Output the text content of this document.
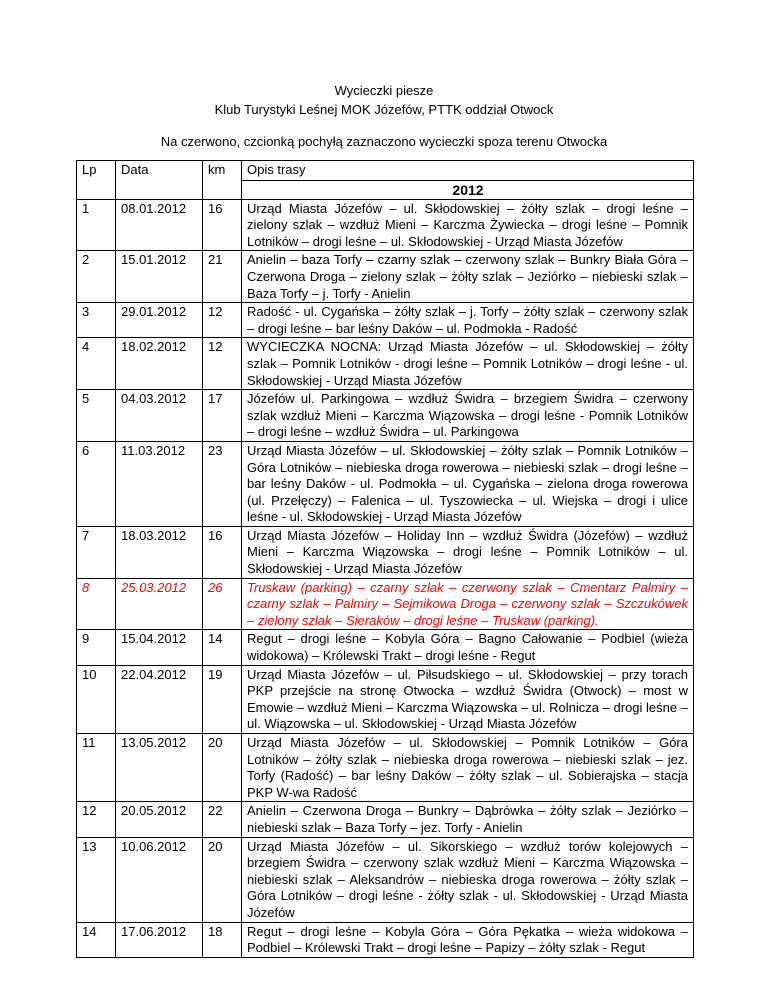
Wycieczki piesze
Klub Turystyki Leśnej MOK Józefów, PTTK oddział Otwock
Na czerwono, czcionką pochyłą zaznaczono wycieczki spoza terenu Otwocka
Lp	Data	km	Opis trasy
			2012
1	08.01.2012	16	Urząd Miasta Józefów – ul. Skłodowskiej – żółty szlak – drogi leśne – zielony szlak – wzdłuż Mieni – Karczma Żywiecka – drogi leśne – Pomnik Lotników – drogi leśne – ul. Skłodowskiej - Urząd Miasta Józefów
2	15.01.2012	21	Anielin – baza Torfy – czarny szlak – czerwony szlak – Bunkry Biała Góra – Czerwona Droga – zielony szlak – żółty szlak – Jeziórko – niebieski szlak – Baza Torfy – j. Torfy - Anielin
3	29.01.2012	12	Radość - ul. Cygańska – żółty szlak – j. Torfy – żółty szlak – czerwony szlak – drogi leśne – bar leśny Daków – ul. Podmokła - Radość
4	18.02.2012	12	WYCIECZKA NOCNA: Urząd Miasta Józefów – ul. Skłodowskiej – żółty szlak – Pomnik Lotników - drogi leśne – Pomnik Lotników – drogi leśne - ul. Skłodowskiej - Urząd Miasta Józefów
5	04.03.2012	17	Józefów ul. Parkingowa – wzdłuż Świdra – brzegiem Świdra – czerwony szlak wzdłuż Mieni – Karczma Wiązowska – drogi leśne - Pomnik Lotników – drogi leśne – wzdłuż Świdra – ul. Parkingowa
6	11.03.2012	23	Urząd Miasta Józefów – ul. Skłodowskiej – żółty szlak – Pomnik Lotników – Góra Lotników – niebieska droga rowerowa – niebieski szlak – drogi leśne – bar leśny Daków - ul. Podmokła – ul. Cygańska – zielona droga rowerowa (ul. Przełęczy) – Falenica – ul. Tyszowiecka – ul. Wiejska – drogi i ulice leśne - ul. Skłodowskiej - Urząd Miasta Józefów
7	18.03.2012	16	Urząd Miasta Józefów – Holiday Inn – wzdłuż Świdra (Józefów) – wzdłuż Mieni – Karczma Wiązowska – drogi leśne – Pomnik Lotników – ul. Skłodowskiej - Urząd Miasta Józefów
8	25.03.2012	26	Truskaw (parking) – czarny szlak – czerwony szlak – Cmentarz Palmiry – czarny szlak – Palmiry – Sejmikowa Droga – czerwony szlak – Szczukówek – zielony szlak – Sieraków – drogi leśne – Truskaw (parking).
9	15.04.2012	14	Regut – drogi leśne – Kobyla Góra – Bagno Całowanie – Podbiel (wieża widokowa) – Królewski Trakt – drogi leśne - Regut
10	22.04.2012	19	Urząd Miasta Józefów – ul. Piłsudskiego – ul. Skłodowskiej – przy torach PKP przejście na stronę Otwocka – wzdłuż Świdra (Otwock) – most w Emowie – wzdłuż Mieni – Karczma Wiązowska – ul. Rolnicza – drogi leśne – ul. Wiązowska – ul. Skłodowskiej - Urząd Miasta Józefów
11	13.05.2012	20	Urząd Miasta Józefów – ul. Skłodowskiej – Pomnik Lotników – Góra Lotników – żółty szlak – niebieska droga rowerowa – niebieski szlak – jez. Torfy (Radość) – bar leśny Daków – żółty szlak – ul. Sobierajska – stacja PKP W-wa Radość
12	20.05.2012	22	Anielin – Czerwona Droga – Bunkry – Dąbrówka – żółty szlak – Jeziórko – niebieski szlak – Baza Torfy – jez. Torfy - Anielin
13	10.06.2012	20	Urząd Miasta Józefów – ul. Sikorskiego – wzdłuż torów kolejowych – brzegiem Świdra – czerwony szlak wzdłuż Mieni – Karczma Wiązowska – niebieski szlak – Aleksandrów – niebieska droga rowerowa – żółty szlak – Góra Lotników – drogi leśne - żółty szlak - ul. Skłodowskiej - Urząd Miasta Józefów
14	17.06.2012	18	Regut – drogi leśne – Kobyla Góra – Góra Pękatka – wieża widokowa – Podbiel – Królewski Trakt – drogi leśne – Papizy – żółty szlak - Regut
